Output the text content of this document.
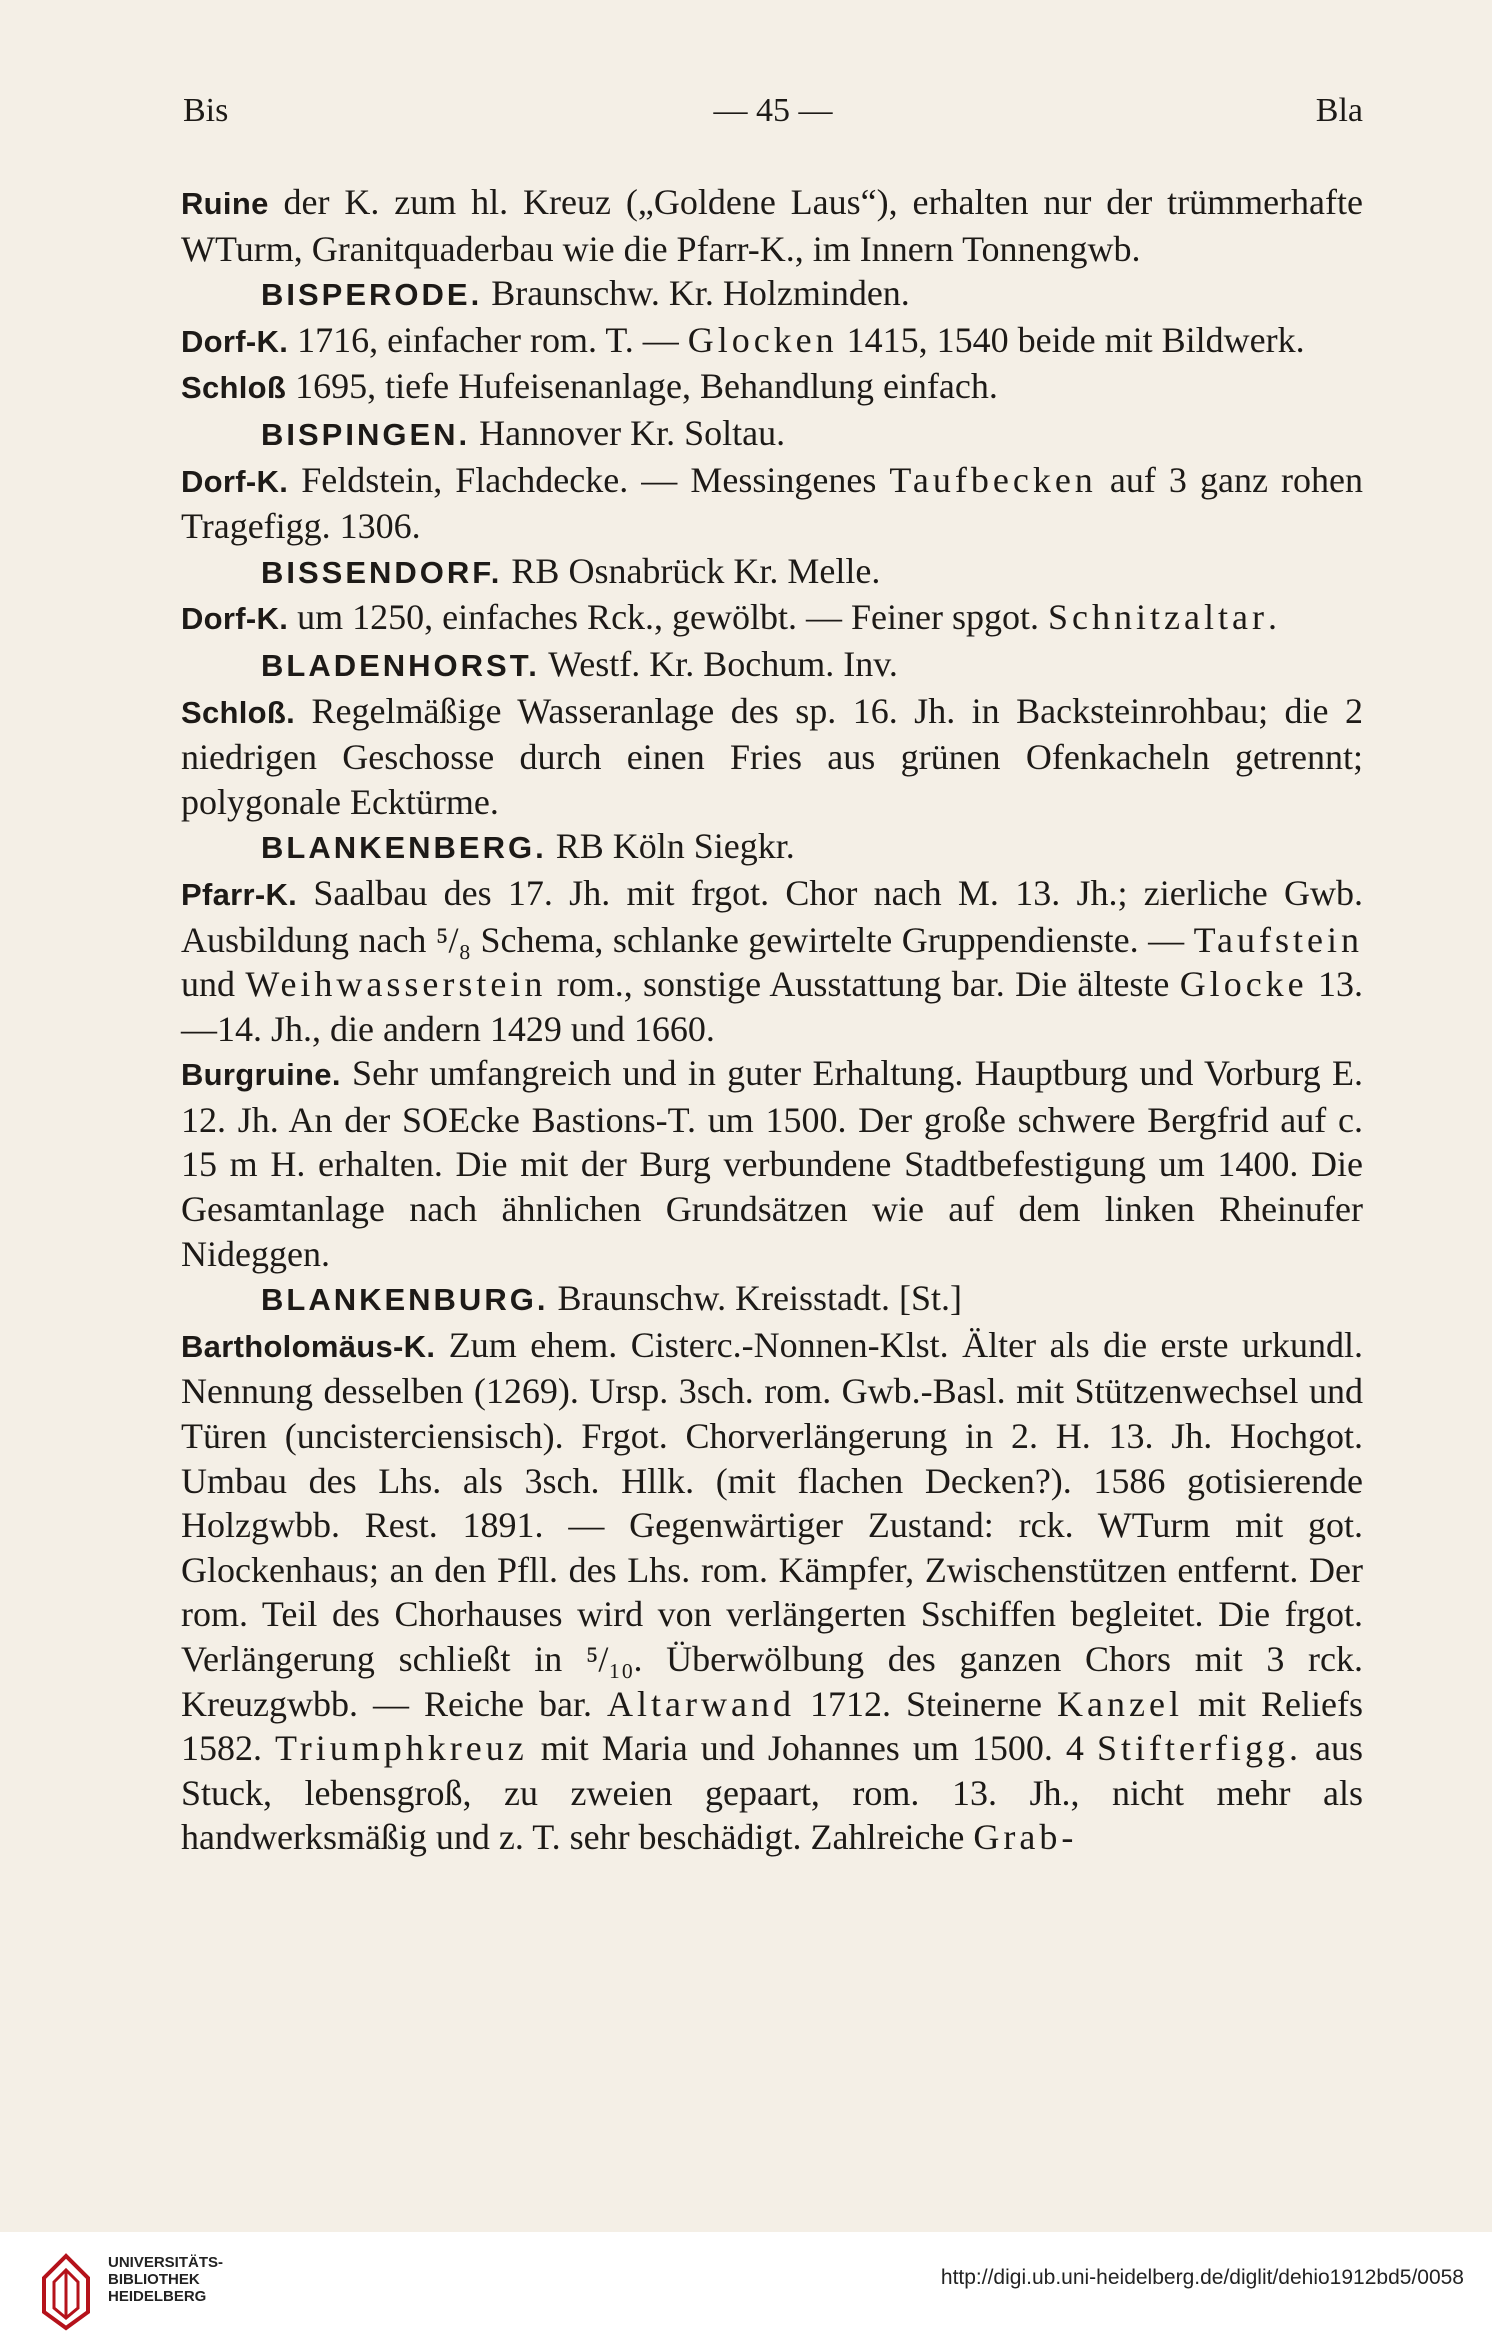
Bis	— 45 —	Bla

Ruine der K. zum hl. Kreuz („Goldene Laus“), erhalten nur der trümmerhafte WTurm, Granitquaderbau wie die Pfarr-K., im Innern Tonnengwb.

BISPERODE. Braunschw. Kr. Holzminden.

Dorf-K. 1716, einfacher rom. T. — Glocken 1415, 1540 beide mit Bildwerk.

Schloß 1695, tiefe Hufeisenanlage, Behandlung einfach.

BISPINGEN. Hannover Kr. Soltau.

Dorf-K. Feldstein, Flachdecke. — Messingenes Taufbecken auf 3 ganz rohen Tragefigg. 1306.

BISSENDORF. RB Osnabrück Kr. Melle.

Dorf-K. um 1250, einfaches Rck., gewölbt. — Feiner spgot. Schnitzaltar.

BLADENHORST. Westf. Kr. Bochum. Inv.

Schloß. Regelmäßige Wasseranlage des sp. 16. Jh. in Backsteinrohbau; die 2 niedrigen Geschosse durch einen Fries aus grünen Ofenkacheln getrennt; polygonale Ecktürme.

BLANKENBERG. RB Köln Siegkr.

Pfarr-K. Saalbau des 17. Jh. mit frgot. Chor nach M. 13. Jh.; zierliche Gwb. Ausbildung nach ⁵/₈ Schema, schlanke gewirtelte Gruppendienste. — Taufstein und Weihwasserstein rom., sonstige Ausstattung bar. Die älteste Glocke 13.—14. Jh., die andern 1429 und 1660.

Burgruine. Sehr umfangreich und in guter Erhaltung. Hauptburg und Vorburg E. 12. Jh. An der SOEcke Bastions-T. um 1500. Der große schwere Bergfrid auf c. 15 m H. erhalten. Die mit der Burg verbundene Stadtbefestigung um 1400. Die Gesamtanlage nach ähnlichen Grundsätzen wie auf dem linken Rheinufer Nideggen.

BLANKENBURG. Braunschw. Kreisstadt. [St.]

Bartholomäus-K. Zum ehem. Cisterc.-Nonnen-Klst. Älter als die erste urkundl. Nennung desselben (1269). Ursp. 3sch. rom. Gwb.-Basl. mit Stützenwechsel und Türen (uncisterciensisch). Frgot. Chorverlängerung in 2. H. 13. Jh. Hochgot. Umbau des Lhs. als 3sch. Hllk. (mit flachen Decken?). 1586 gotisierende Holzgwbb. Rest. 1891. — Gegenwärtiger Zustand: rck. WTurm mit got. Glockenhaus; an den Pfll. des Lhs. rom. Kämpfer, Zwischenstützen entfernt. Der rom. Teil des Chorhauses wird von verlängerten Sschiffen begleitet. Die frgot. Verlängerung schließt in ⁵/₁₀. Überwölbung des ganzen Chors mit 3 rck. Kreuzgwbb. — Reiche bar. Altarwand 1712. Steinerne Kanzel mit Reliefs 1582. Triumphkreuz mit Maria und Johannes um 1500. 4 Stifterfigg. aus Stuck, lebensgroß, zu zweien gepaart, rom. 13. Jh., nicht mehr als handwerksmäßig und z. T. sehr beschädigt. Zahlreiche Grab-

UNIVERSITÄTS-
BIBLIOTHEK
HEIDELBERG
http://digi.ub.uni-heidelberg.de/diglit/dehio1912bd5/0058
